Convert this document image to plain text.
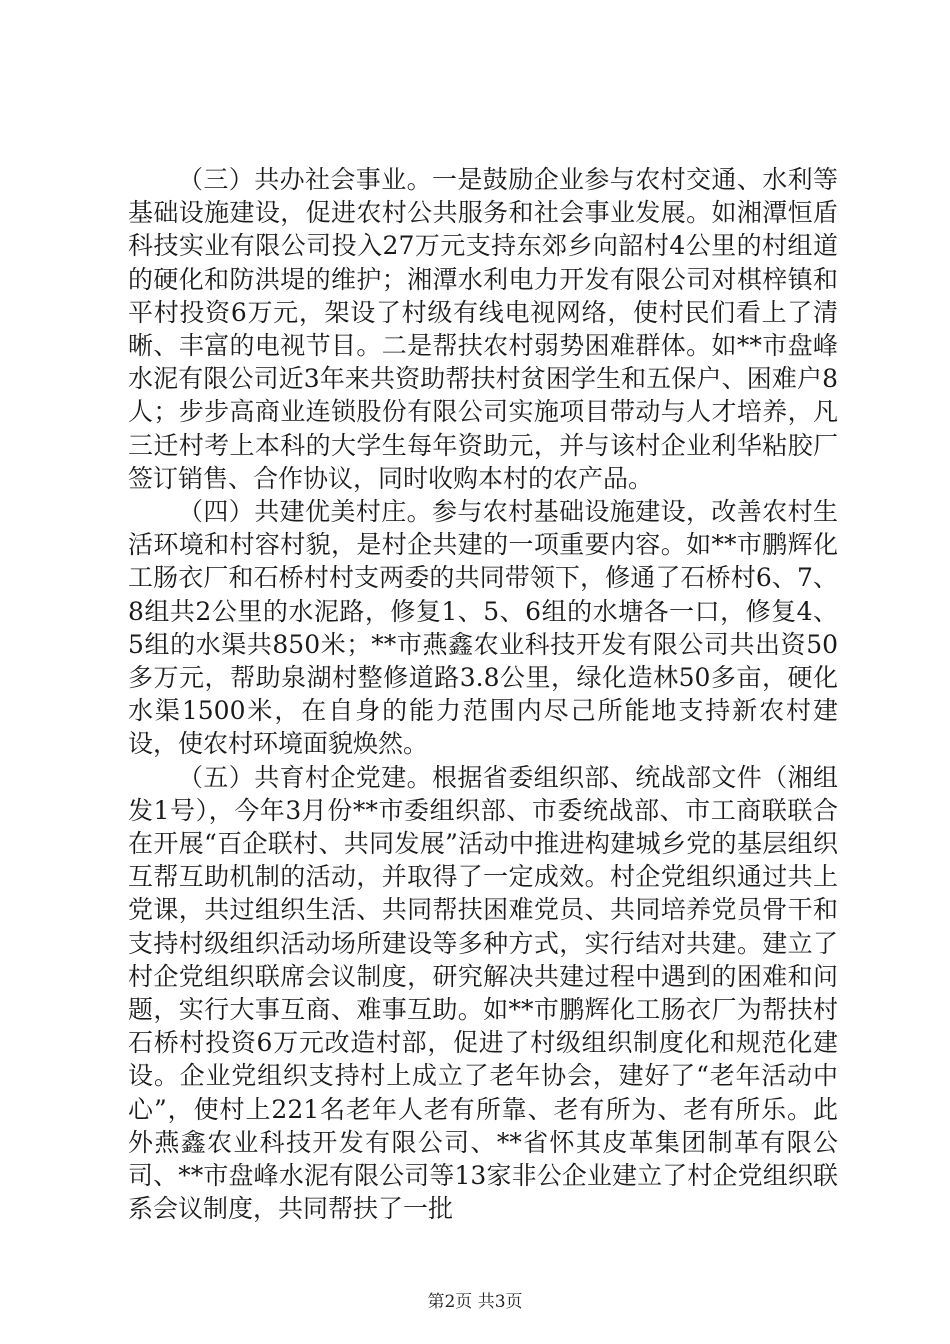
（三）共办社会事业。一是鼓励企业参与农村交通、水利等基础设施建设，促进农村公共服务和社会事业发展。如湘潭恒盾科技实业有限公司投入27万元支持东郊乡向韶村4公里的村组道的硬化和防洪堤的维护；湘潭水利电力开发有限公司对棋梓镇和平村投资6万元，架设了村级有线电视网络，使村民们看上了清晰、丰富的电视节目。二是帮扶农村弱势困难群体。如**市盘峰水泥有限公司近3年来共资助帮扶村贫困学生和五保户、困难户8人；步步高商业连锁股份有限公司实施项目带动与人才培养，凡三迁村考上本科的大学生每年资助元，并与该村企业利华粘胶厂签订销售、合作协议，同时收购本村的农产品。

（四）共建优美村庄。参与农村基础设施建设，改善农村生活环境和村容村貌，是村企共建的一项重要内容。如**市鹏辉化工肠衣厂和石桥村村支两委的共同带领下，修通了石桥村6、7、8组共2公里的水泥路，修复1、5、6组的水塘各一口，修复4、5组的水渠共850米；**市燕鑫农业科技开发有限公司共出资50多万元，帮助泉湖村整修道路3.8公里，绿化造林50多亩，硬化水渠1500米，在自身的能力范围内尽己所能地支持新农村建设，使农村环境面貌焕然。

（五）共育村企党建。根据省委组织部、统战部文件（湘组发1号），今年3月份**市委组织部、市委统战部、市工商联联合在开展“百企联村、共同发展”活动中推进构建城乡党的基层组织互帮互助机制的活动，并取得了一定成效。村企党组织通过共上党课，共过组织生活、共同帮扶困难党员、共同培养党员骨干和支持村级组织活动场所建设等多种方式，实行结对共建。建立了村企党组织联席会议制度，研究解决共建过程中遇到的困难和问题，实行大事互商、难事互助。如**市鹏辉化工肠衣厂为帮扶村石桥村投资6万元改造村部，促进了村级组织制度化和规范化建设。企业党组织支持村上成立了老年协会，建好了“老年活动中心”，使村上221名老年人老有所靠、老有所为、老有所乐。此外燕鑫农业科技开发有限公司、**省怀其皮革集团制革有限公司、**市盘峰水泥有限公司等13家非公企业建立了村企党组织联系会议制度，共同帮扶了一批

第2页 共3页
